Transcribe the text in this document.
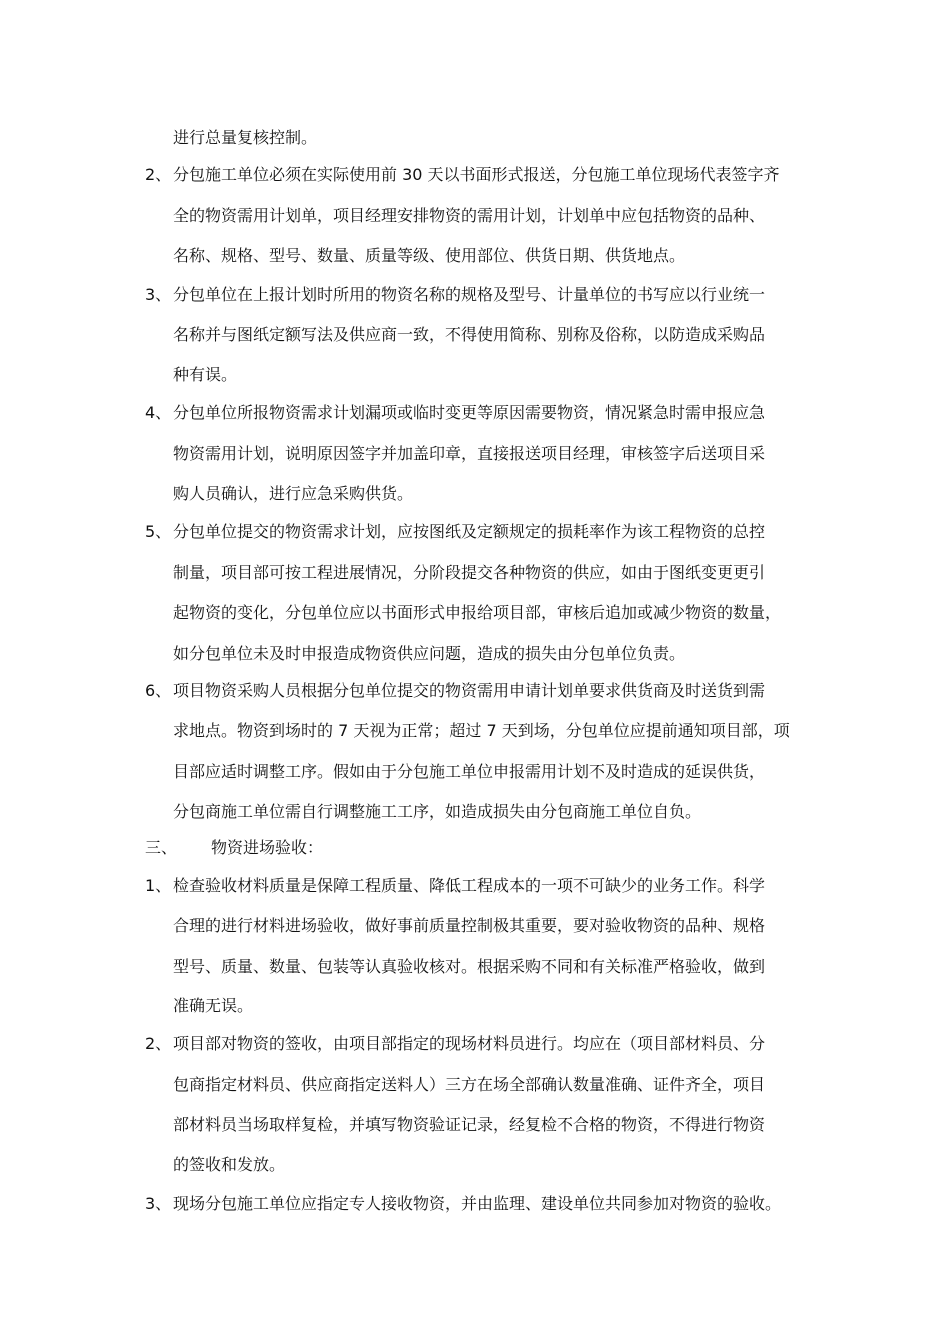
进行总量复核控制。
2、 分包施工单位必须在实际使用前 30 天以书面形式报送，分包施工单位现场代表签字齐
全的物资需用计划单，项目经理安排物资的需用计划，计划单中应包括物资的品种、
名称、规格、型号、数量、质量等级、使用部位、供货日期、供货地点。
3、 分包单位在上报计划时所用的物资名称的规格及型号、计量单位的书写应以行业统一
名称并与图纸定额写法及供应商一致，不得使用简称、别称及俗称，以防造成采购品
种有误。
4、 分包单位所报物资需求计划漏项或临时变更等原因需要物资，情况紧急时需申报应急
物资需用计划，说明原因签字并加盖印章，直接报送项目经理，审核签字后送项目采
购人员确认，进行应急采购供货。
5、 分包单位提交的物资需求计划，应按图纸及定额规定的损耗率作为该工程物资的总控
制量，项目部可按工程进展情况，分阶段提交各种物资的供应，如由于图纸变更更引
起物资的变化，分包单位应以书面形式申报给项目部，审核后追加或减少物资的数量，
如分包单位未及时申报造成物资供应问题，造成的损失由分包单位负责。
6、 项目物资采购人员根据分包单位提交的物资需用申请计划单要求供货商及时送货到需
求地点。物资到场时的 7 天视为正常；超过 7 天到场，分包单位应提前通知项目部，项
目部应适时调整工序。假如由于分包施工单位申报需用计划不及时造成的延误供货，
分包商施工单位需自行调整施工工序，如造成损失由分包商施工单位自负。
三、 物资进场验收：
1、 检查验收材料质量是保障工程质量、降低工程成本的一项不可缺少的业务工作。科学
合理的进行材料进场验收，做好事前质量控制极其重要，要对验收物资的品种、规格
型号、质量、数量、包装等认真验收核对。根据采购不同和有关标准严格验收，做到
准确无误。
2、 项目部对物资的签收，由项目部指定的现场材料员进行。均应在（项目部材料员、分
包商指定材料员、供应商指定送料人）三方在场全部确认数量准确、证件齐全，项目
部材料员当场取样复检，并填写物资验证记录，经复检不合格的物资，不得进行物资
的签收和发放。
3、 现场分包施工单位应指定专人接收物资，并由监理、建设单位共同参加对物资的验收。
